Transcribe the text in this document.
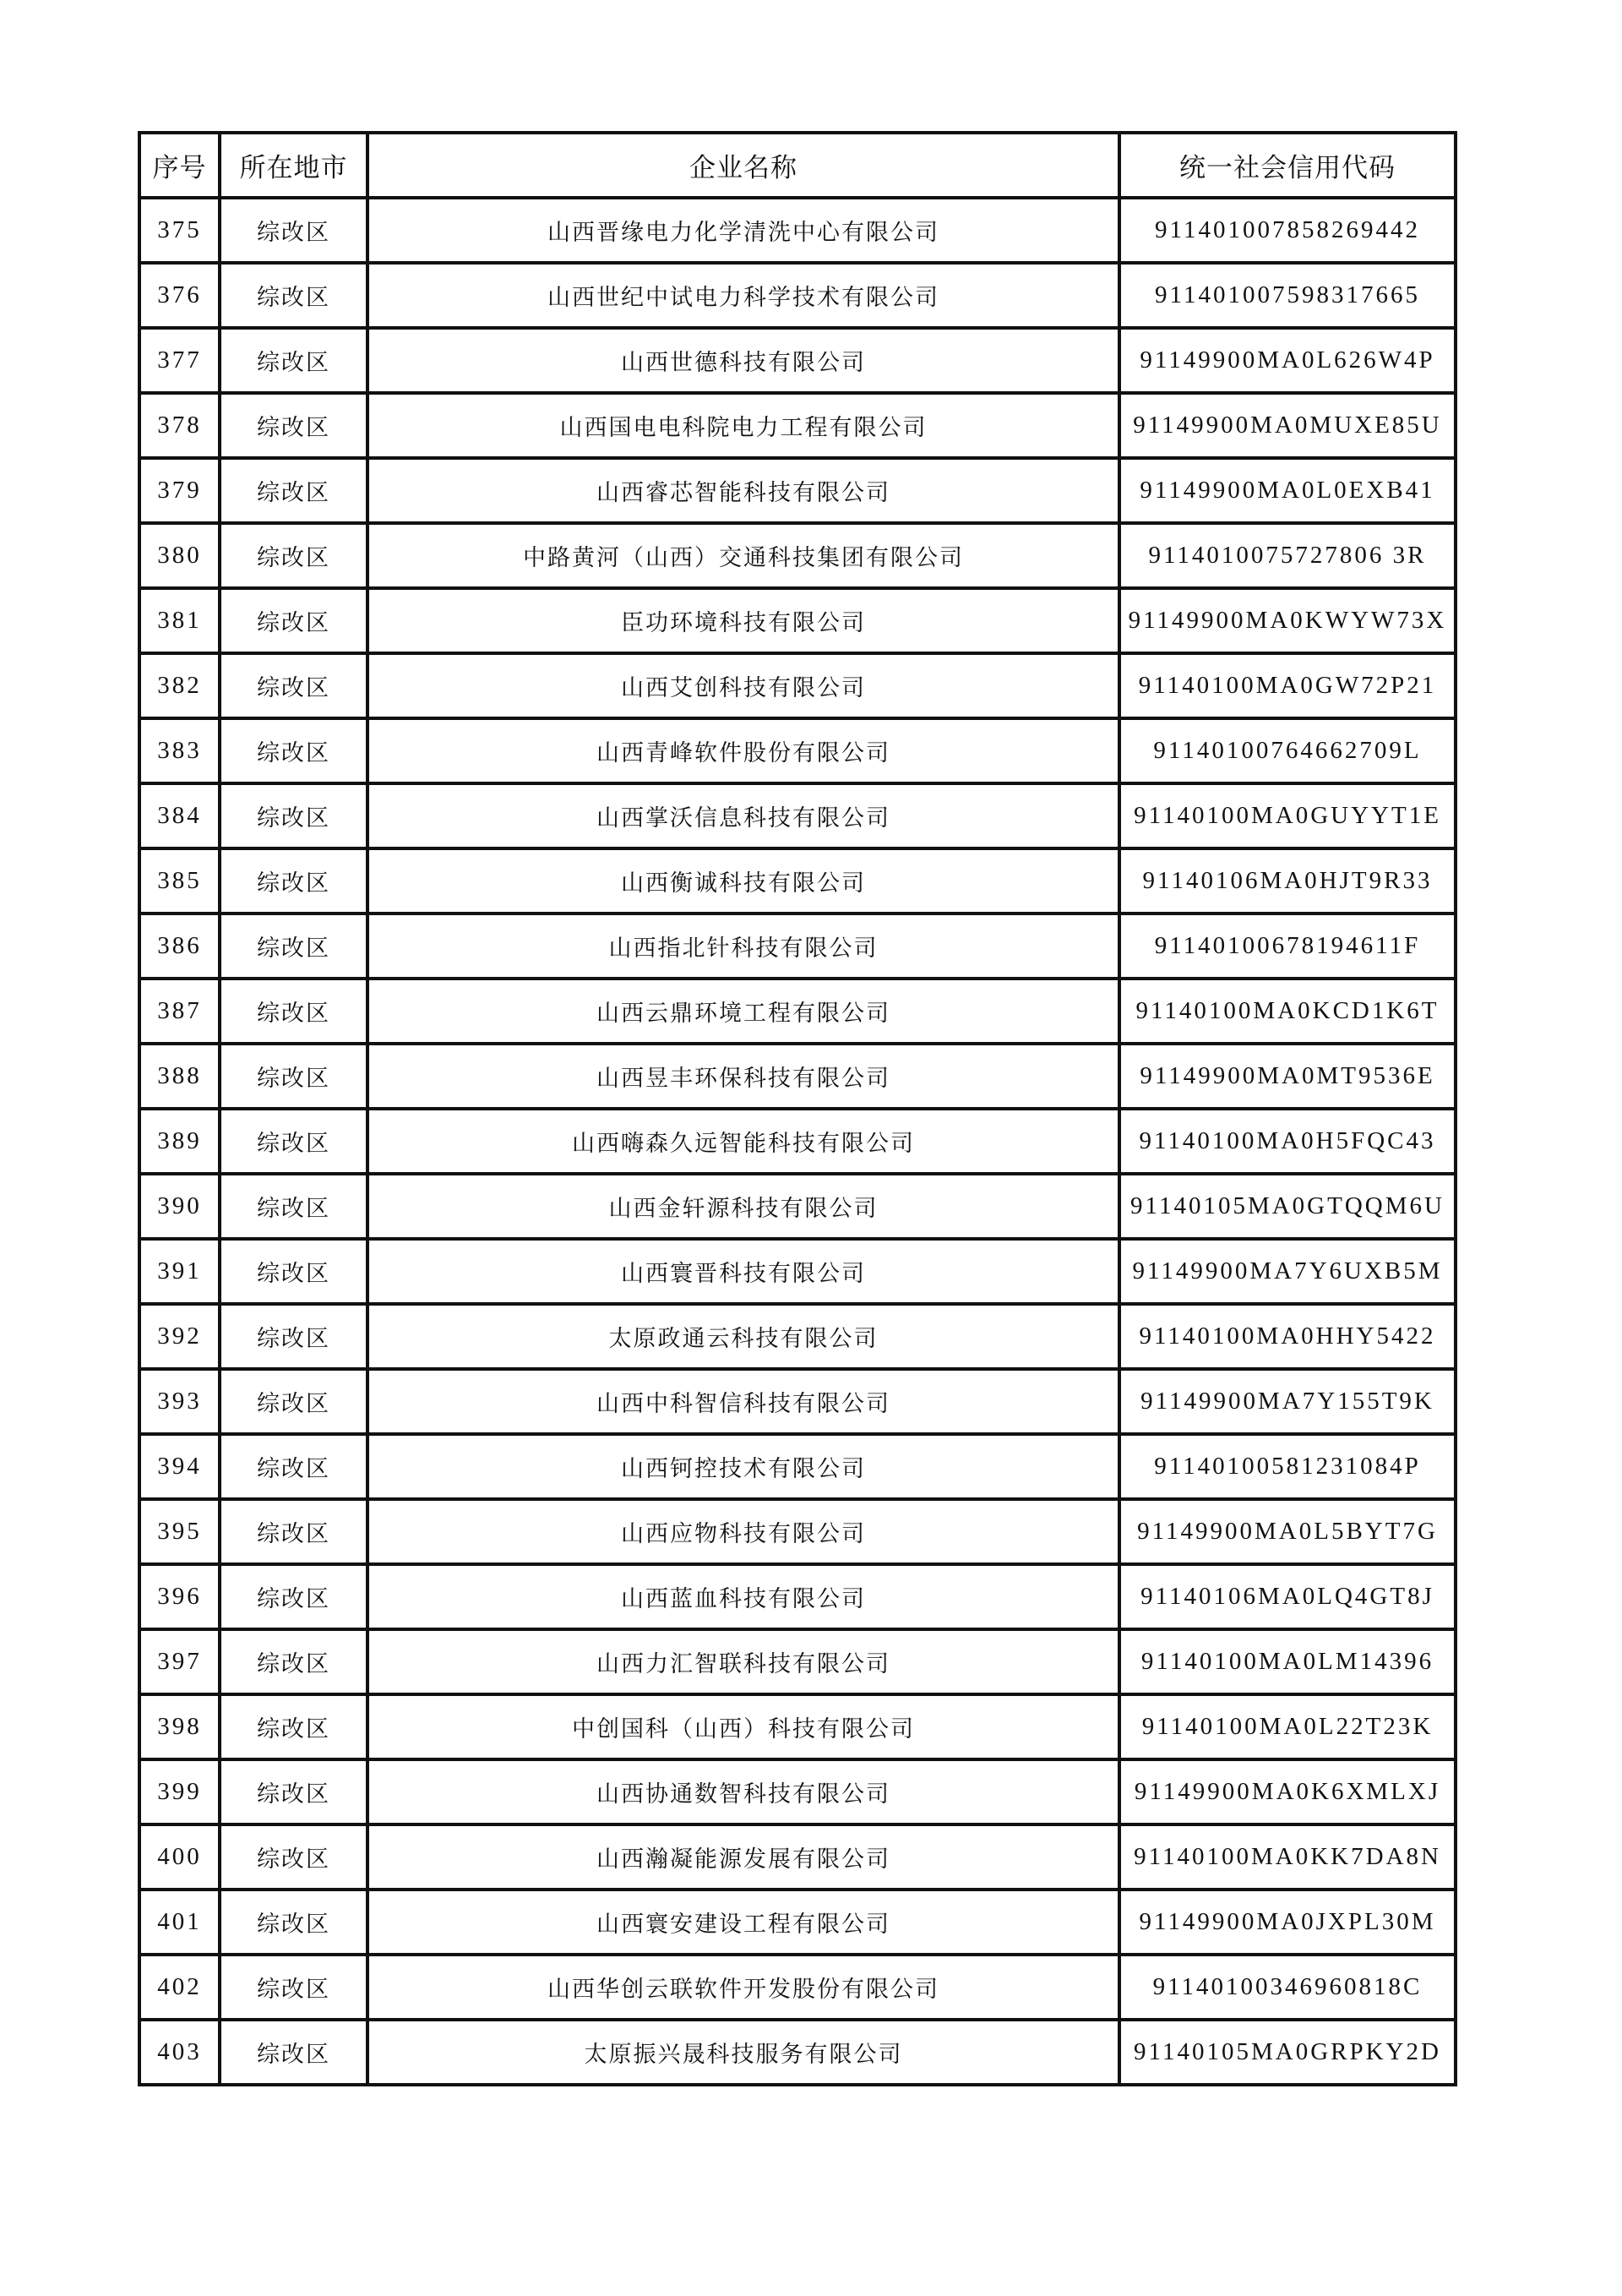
序号	所在地市	企业名称	统一社会信用代码
375	综改区	山西晋缘电力化学清洗中心有限公司	911401007858269442
376	综改区	山西世纪中试电力科学技术有限公司	911401007598317665
377	综改区	山西世德科技有限公司	91149900MA0L626W4P
378	综改区	山西国电电科院电力工程有限公司	91149900MA0MUXE85U
379	综改区	山西睿芯智能科技有限公司	91149900MA0L0EXB41
380	综改区	中路黄河（山西）交通科技集团有限公司	9114010075727806 3R
381	综改区	臣功环境科技有限公司	91149900MA0KWYW73X
382	综改区	山西艾创科技有限公司	91140100MA0GW72P21
383	综改区	山西青峰软件股份有限公司	91140100764662709L
384	综改区	山西掌沃信息科技有限公司	91140100MA0GUYYT1E
385	综改区	山西衡诚科技有限公司	91140106MA0HJT9R33
386	综改区	山西指北针科技有限公司	91140100678194611F
387	综改区	山西云鼎环境工程有限公司	91140100MA0KCD1K6T
388	综改区	山西昱丰环保科技有限公司	91149900MA0MT9536E
389	综改区	山西嗨森久远智能科技有限公司	91140100MA0H5FQC43
390	综改区	山西金轩源科技有限公司	91140105MA0GTQQM6U
391	综改区	山西寰晋科技有限公司	91149900MA7Y6UXB5M
392	综改区	太原政通云科技有限公司	91140100MA0HHY5422
393	综改区	山西中科智信科技有限公司	91149900MA7Y155T9K
394	综改区	山西钶控技术有限公司	91140100581231084P
395	综改区	山西应物科技有限公司	91149900MA0L5BYT7G
396	综改区	山西蓝血科技有限公司	91140106MA0LQ4GT8J
397	综改区	山西力汇智联科技有限公司	91140100MA0LM14396
398	综改区	中创国科（山西）科技有限公司	91140100MA0L22T23K
399	综改区	山西协通数智科技有限公司	91149900MA0K6XMLXJ
400	综改区	山西瀚凝能源发展有限公司	91140100MA0KK7DA8N
401	综改区	山西寰安建设工程有限公司	91149900MA0JXPL30M
402	综改区	山西华创云联软件开发股份有限公司	91140100346960818C
403	综改区	太原振兴晟科技服务有限公司	91140105MA0GRPKY2D
